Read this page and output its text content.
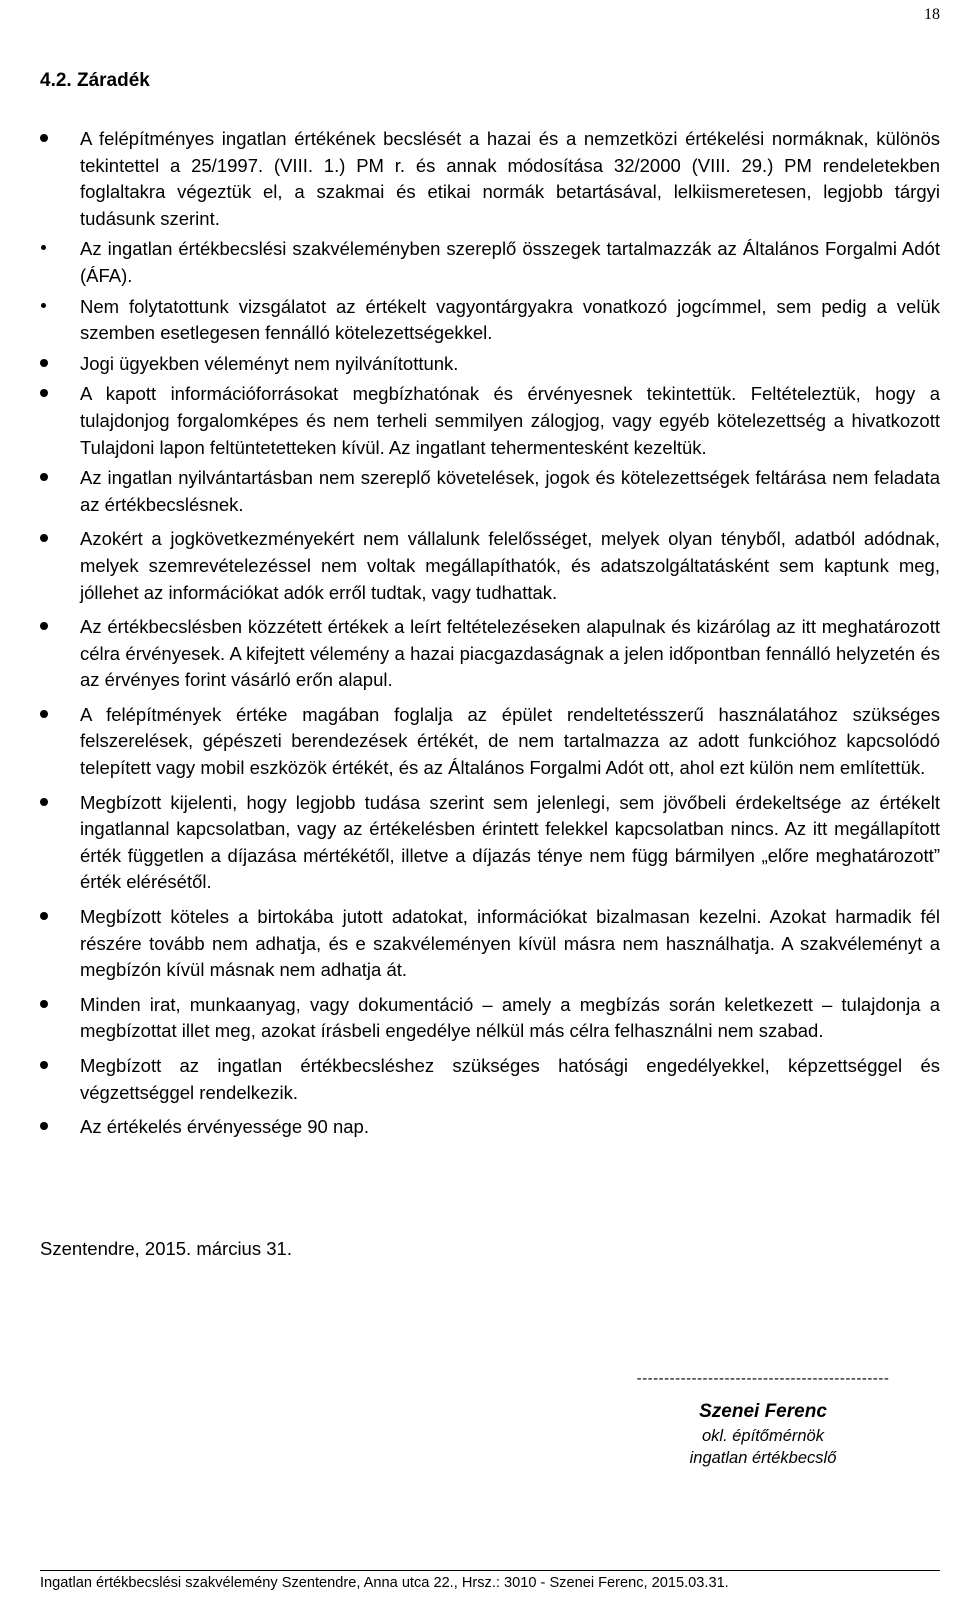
18
4.2. Záradék
A felépítményes ingatlan értékének becslését a hazai és a nemzetközi értékelési normáknak, különös tekintettel a 25/1997. (VIII. 1.) PM r. és annak módosítása 32/2000 (VIII. 29.) PM rendeletekben foglaltakra végeztük el, a szakmai és etikai normák betartásával, lelkiismeretesen, legjobb tárgyi tudásunk szerint.
Az ingatlan értékbecslési szakvéleményben szereplő összegek tartalmazzák az Általános Forgalmi Adót (ÁFA).
Nem folytatottunk vizsgálatot az értékelt vagyontárgyakra vonatkozó jogcímmel, sem pedig a velük szemben esetlegesen fennálló kötelezettségekkel.
Jogi ügyekben véleményt nem nyilvánítottunk.
A kapott információforrásokat megbízhatónak és érvényesnek tekintettük. Feltételeztük, hogy a tulajdonjog forgalomképes és nem terheli semmilyen zálogjog, vagy egyéb kötelezettség a hivatkozott Tulajdoni lapon feltüntetetteken kívül. Az ingatlant tehermentesként kezeltük.
Az ingatlan nyilvántartásban nem szereplő követelések, jogok és kötelezettségek feltárása nem feladata az értékbecslésnek.
Azokért a jogkövetkezményekért nem vállalunk felelősséget, melyek olyan tényből, adatból adódnak, melyek szemrevételezéssel nem voltak megállapíthatók, és adatszolgáltatásként sem kaptunk meg, jóllehet az információkat adók erről tudtak, vagy tudhattak.
Az értékbecslésben közzétett értékek a leírt feltételezéseken alapulnak és kizárólag az itt meghatározott célra érvényesek. A kifejtett vélemény a hazai piacgazdaságnak a jelen időpontban fennálló helyzetén és az érvényes forint vásárló erőn alapul.
A felépítmények értéke magában foglalja az épület rendeltetésszerű használatához szükséges felszerelések, gépészeti berendezések értékét, de nem tartalmazza az adott funkcióhoz kapcsolódó telepített vagy mobil eszközök értékét, és az Általános Forgalmi Adót ott, ahol ezt külön nem említettük.
Megbízott kijelenti, hogy legjobb tudása szerint sem jelenlegi, sem jövőbeli érdekeltsége az értékelt ingatlannal kapcsolatban, vagy az értékelésben érintett felekkel kapcsolatban nincs. Az itt megállapított érték független a díjazása mértékétől, illetve a díjazás ténye nem függ bármilyen „előre meghatározott” érték elérésétől.
Megbízott köteles a birtokába jutott adatokat, információkat bizalmasan kezelni. Azokat harmadik fél részére tovább nem adhatja, és e szakvéleményen kívül másra nem használhatja. A szakvéleményt a megbízón kívül másnak nem adhatja át.
Minden irat, munkaanyag, vagy dokumentáció – amely a megbízás során keletkezett – tulajdonja a megbízottat illet meg, azokat írásbeli engedélye nélkül más célra felhasználni nem szabad.
Megbízott az ingatlan értékbecsléshez szükséges hatósági engedélyekkel, képzettséggel és végzettséggel rendelkezik.
Az értékelés érvényessége 90 nap.
Szentendre, 2015. március 31.
----------------------------------------------
Szenei Ferenc
okl. építőmérnök
ingatlan értékbecslő
Ingatlan értékbecslési szakvélemény Szentendre, Anna utca 22., Hrsz.: 3010 - Szenei Ferenc, 2015.03.31.
